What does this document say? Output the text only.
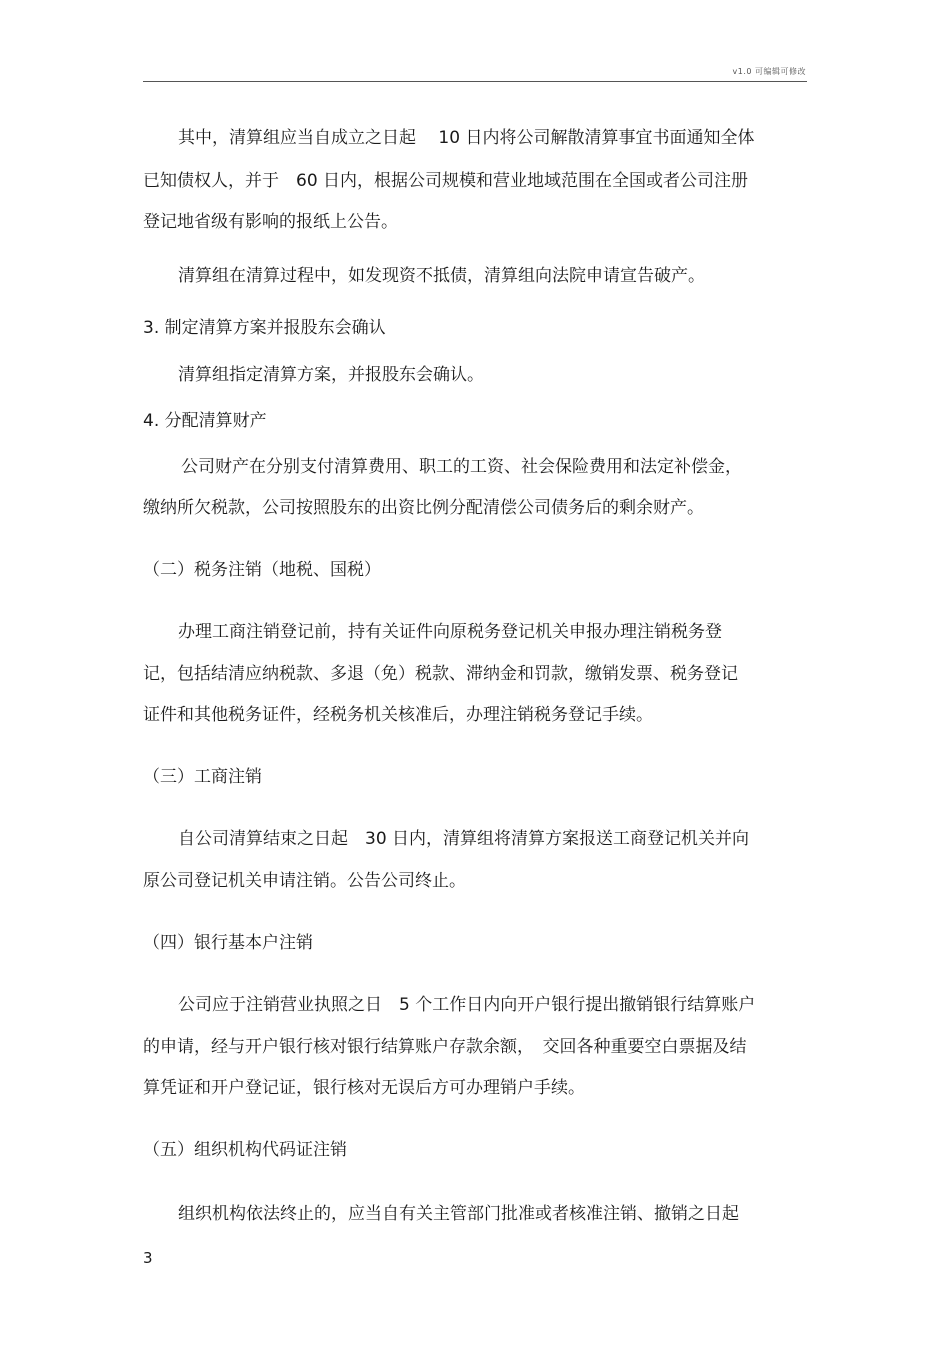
v1.0 可编辑可修改
其中，清算组应当自成立之日起　 10 日内将公司解散清算事宜书面通知全体
已知债权人，并于　60 日内，根据公司规模和营业地域范围在全国或者公司注册
登记地省级有影响的报纸上公告。
清算组在清算过程中，如发现资不抵债，清算组向法院申请宣告破产。
3. 制定清算方案并报股东会确认
清算组指定清算方案，并报股东会确认。
4. 分配清算财产
公司财产在分别支付清算费用、职工的工资、社会保险费用和法定补偿金，
缴纳所欠税款，公司按照股东的出资比例分配清偿公司债务后的剩余财产。
（二）税务注销（地税、国税）
办理工商注销登记前，持有关证件向原税务登记机关申报办理注销税务登
记，包括结清应纳税款、多退（免）税款、滞纳金和罚款，缴销发票、税务登记
证件和其他税务证件，经税务机关核准后，办理注销税务登记手续。
（三）工商注销
自公司清算结束之日起　30 日内，清算组将清算方案报送工商登记机关并向
原公司登记机关申请注销。公告公司终止。
（四）银行基本户注销
公司应于注销营业执照之日　5 个工作日内向开户银行提出撤销银行结算账户
的申请，经与开户银行核对银行结算账户存款余额，　交回各种重要空白票据及结
算凭证和开户登记证，银行核对无误后方可办理销户手续。
（五）组织机构代码证注销
组织机构依法终止的，应当自有关主管部门批准或者核准注销、撤销之日起
3
